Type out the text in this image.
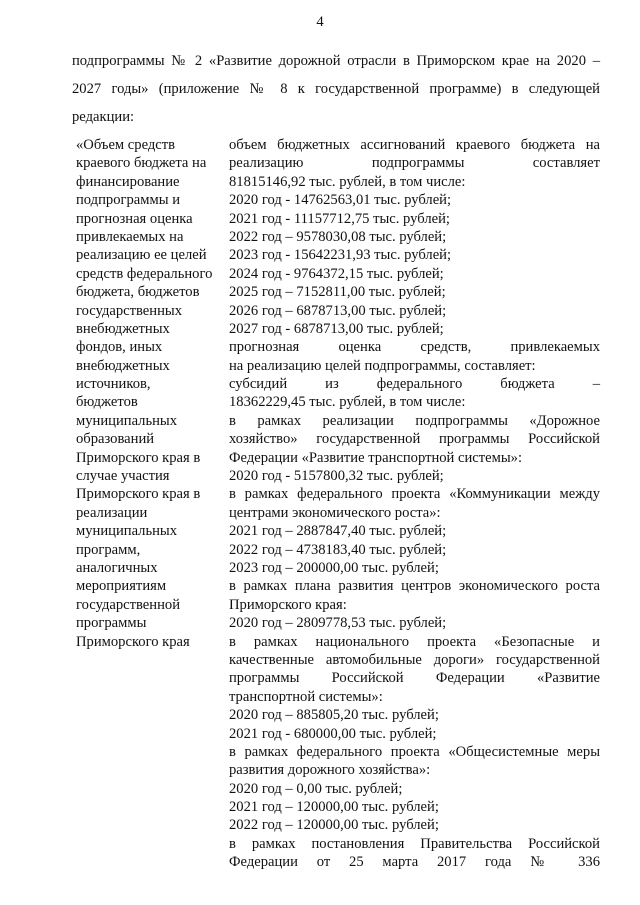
4
подпрограммы № 2 «Развитие дорожной отрасли в Приморском крае на 2020 –
2027 годы» (приложение № 8 к государственной программе) в следующей
редакции:
«Объем средств
краевого бюджета на
финансирование
подпрограммы и
прогнозная оценка
привлекаемых на
реализацию ее целей
средств федерального
бюджета, бюджетов
государственных
внебюджетных
фондов, иных
внебюджетных
источников,
бюджетов
муниципальных
образований
Приморского края в
случае участия
Приморского края в
реализации
муниципальных
программ,
аналогичных
мероприятиям
государственной
программы
Приморского края
объем бюджетных ассигнований краевого бюджета на
реализацию подпрограммы составляет
81815146,92 тыс. рублей, в том числе:
2020 год - 14762563,01 тыс. рублей;
2021 год - 11157712,75 тыс. рублей;
2022 год – 9578030,08 тыс. рублей;
2023 год - 15642231,93 тыс. рублей;
2024 год - 9764372,15 тыс. рублей;
2025 год – 7152811,00 тыс. рублей;
2026 год – 6878713,00 тыс. рублей;
2027 год - 6878713,00 тыс. рублей;
прогнозная оценка средств, привлекаемых
на реализацию целей подпрограммы, составляет:
субсидий из федерального бюджета –
18362229,45 тыс. рублей, в том числе:
в рамках реализации подпрограммы «Дорожное
хозяйство» государственной программы Российской
Федерации «Развитие транспортной системы»:
2020 год - 5157800,32 тыс. рублей;
в рамках федерального проекта «Коммуникации между
центрами экономического роста»:
2021 год – 2887847,40 тыс. рублей;
2022 год – 4738183,40 тыс. рублей;
2023 год – 200000,00 тыс. рублей;
в рамках плана развития центров экономического роста
Приморского края:
2020 год – 2809778,53 тыс. рублей;
в рамках национального проекта «Безопасные и
качественные автомобильные дороги» государственной
программы Российской Федерации «Развитие
транспортной системы»:
2020 год – 885805,20 тыс. рублей;
2021 год - 680000,00 тыс. рублей;
в рамках федерального проекта «Общесистемные меры
развития дорожного хозяйства»:
2020 год – 0,00 тыс. рублей;
2021 год – 120000,00 тыс. рублей;
2022 год – 120000,00 тыс. рублей;
в рамках постановления Правительства Российской
Федерации от 25 марта 2017 года № 336
